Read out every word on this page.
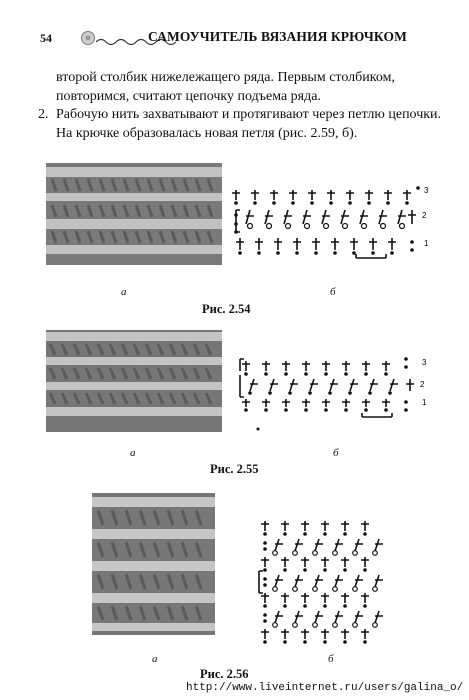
54	САМОУЧИТЕЛЬ ВЯЗАНИЯ КРЮЧКОМ
второй столбик нижележащего ряда. Первым столбиком, повторимся, считают цепочку подъема ряда.
2. Рабочую нить захватывают и протягивают через петлю цепочки. На крючке образовалась новая петля (рис. 2.59, б).
3
2
1
а	б
Рис. 2.54
3
2
1
а	б
Рис. 2.55
а	б
Рис. 2.56
http://www.liveinternet.ru/users/galina_o/
